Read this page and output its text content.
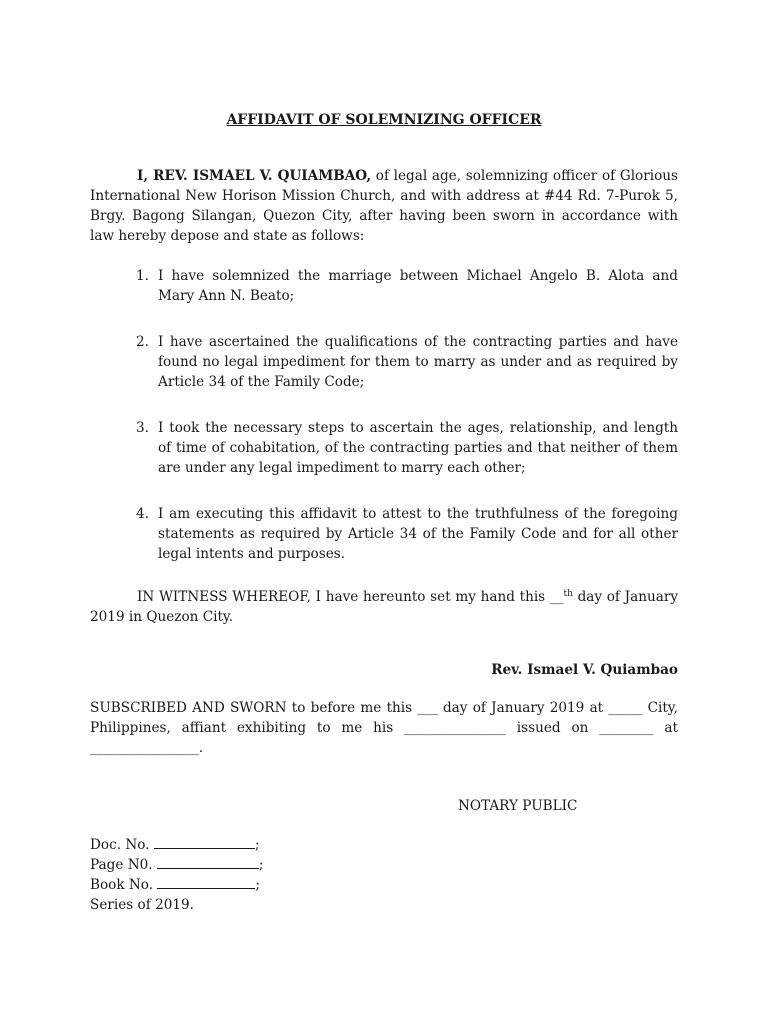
AFFIDAVIT OF SOLEMNIZING OFFICER

I, REV. ISMAEL V. QUIAMBAO, of legal age, solemnizing officer of Glorious International New Horison Mission Church, and with address at #44 Rd. 7-Purok 5, Brgy. Bagong Silangan, Quezon City, after having been sworn in accordance with law hereby depose and state as follows:

1. I have solemnized the marriage between Michael Angelo B. Alota and Mary Ann N. Beato;

2. I have ascertained the qualifications of the contracting parties and have found no legal impediment for them to marry as under and as required by Article 34 of the Family Code;

3. I took the necessary steps to ascertain the ages, relationship, and length of time of cohabitation, of the contracting parties and that neither of them are under any legal impediment to marry each other;

4. I am executing this affidavit to attest to the truthfulness of the foregoing statements as required by Article 34 of the Family Code and for all other legal intents and purposes.

IN WITNESS WHEREOF, I have hereunto set my hand this __$^{th}$ day of January 2019 in Quezon City.

Rev. Ismael V. Quiambao

SUBSCRIBED AND SWORN to before me this ___ day of January 2019 at _____ City, Philippines, affiant exhibiting to me his _______________ issued on ________ at ________________.

NOTARY PUBLIC
Doc. No.	;
Page N0.	;
Book No.	;
Series of 2019.
